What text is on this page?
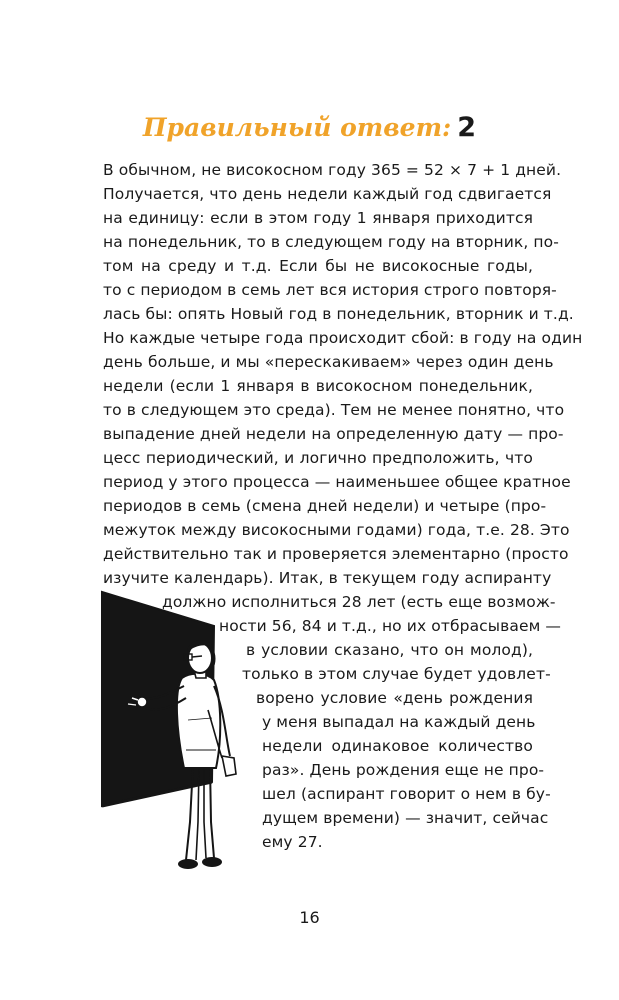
Правильный ответ: 2
В обычном, не високосном году 365 = 52 × 7 + 1 дней.
Получается, что день недели каждый год сдвигается
на единицу: если в этом году 1 января приходится
на понедельник, то в следующем году на вторник, по-
том на среду и т.д. Если бы не високосные годы,
то с периодом в семь лет вся история строго повторя-
лась бы: опять Новый год в понедельник, вторник и т.д.
Но каждые четыре года происходит сбой: в году на один
день больше, и мы «перескакиваем» через один день
недели (если 1 января в високосном понедельник,
то в следующем это среда). Тем не менее понятно, что
выпадение дней недели на определенную дату — про-
цесс периодический, и логично предположить, что
период у этого процесса — наименьшее общее кратное
периодов в семь (смена дней недели) и четыре (про-
межуток между високосными годами) года, т.е. 28. Это
действительно так и проверяется элементарно (просто
изучите календарь). Итак, в текущем году аспиранту
должно исполниться 28 лет (есть еще возмож-
ности 56, 84 и т.д., но их отбрасываем —
в условии сказано, что он молод),
только в этом случае будет удовлет-
ворено условие «день рождения
у меня выпадал на каждый день
недели одинаковое количество
раз». День рождения еще не про-
шел (аспирант говорит о нем в бу-
дущем времени) — значит, сейчас
ему 27.
16
